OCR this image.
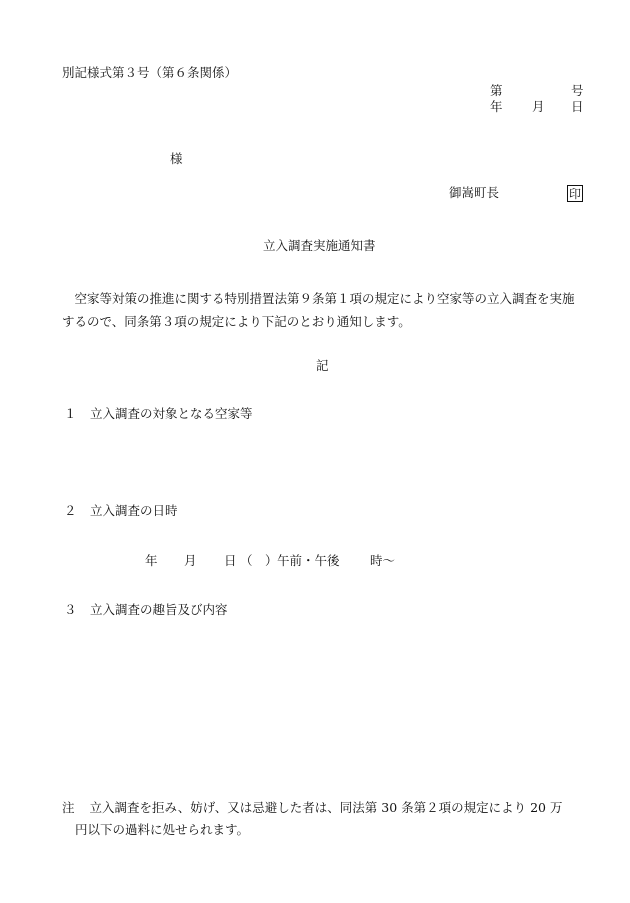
別記様式第３号（第６条関係）
第	号
年 月 日
様
御嵩町長	印
立入調査実施通知書
　空家等対策の推進に関する特別措置法第９条第１項の規定により空家等の立入調査を実施するので、同条第３項の規定により下記のとおり通知します。
記
１ 立入調査の対象となる空家等
２ 立入調査の日時
年 月 日 （　） 午前・午後 時～
３ 立入調査の趣旨及び内容
注 立入調査を拒み、妨げ、又は忌避した者は、同法第 30 条第２項の規定により 20 万
円以下の過料に処せられます。
